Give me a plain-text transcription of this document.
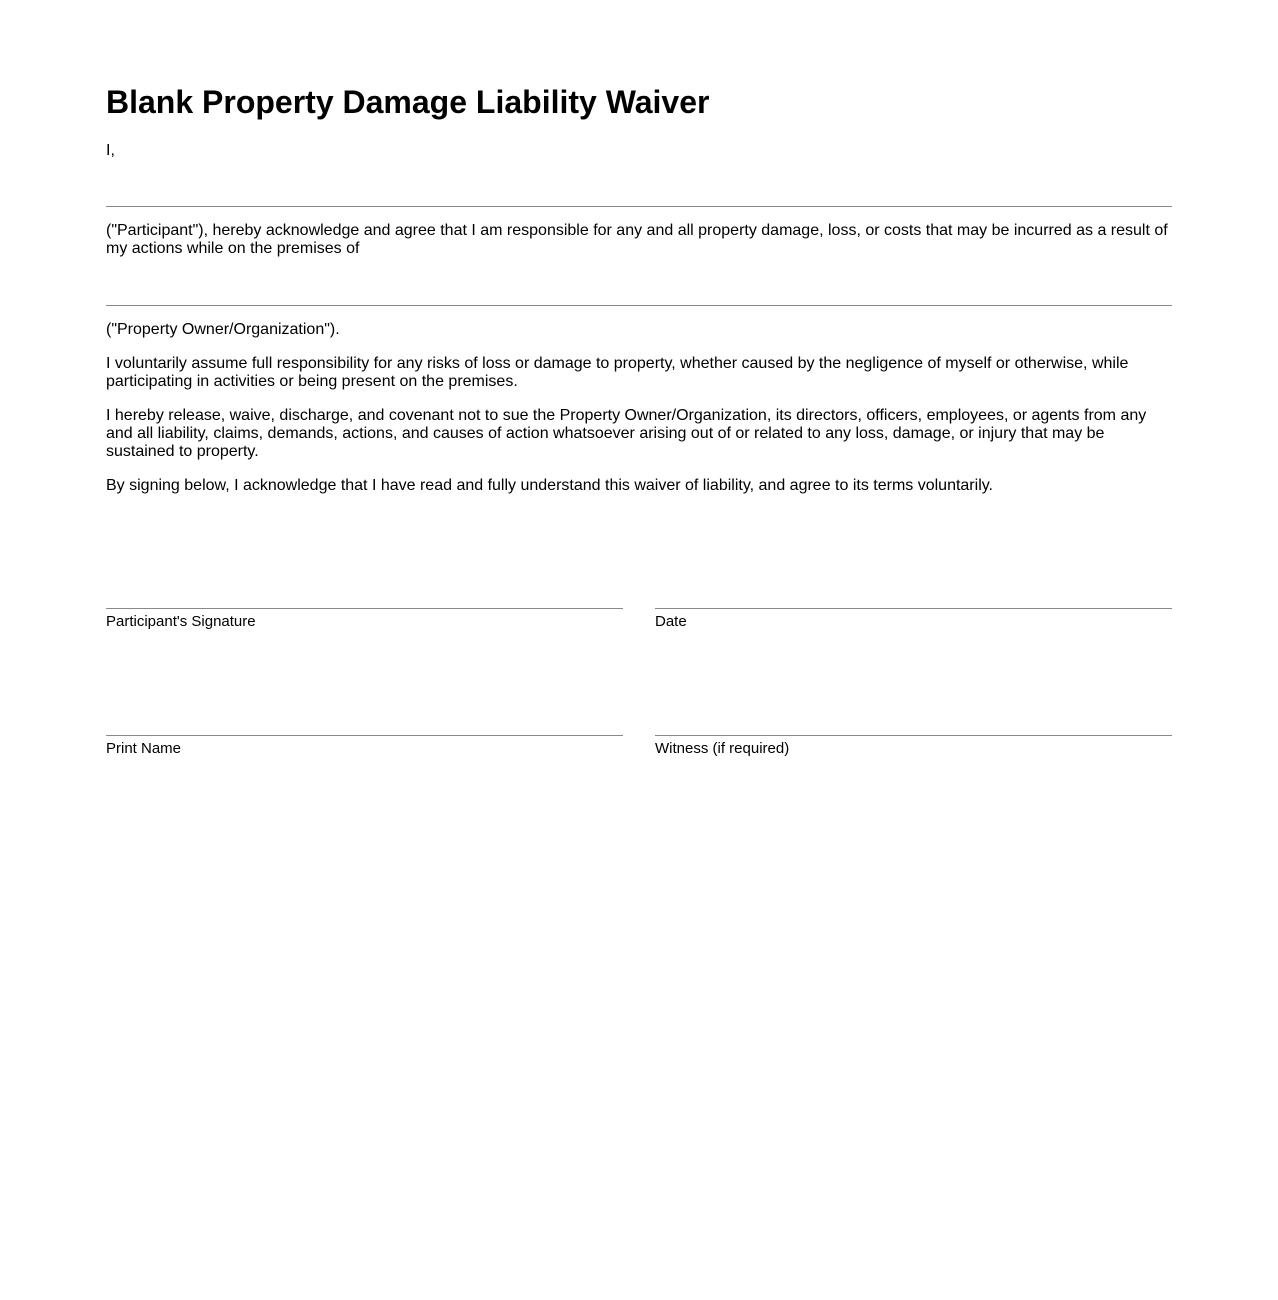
Blank Property Damage Liability Waiver

I,

("Participant"), hereby acknowledge and agree that I am responsible for any and all property damage, loss, or costs that may be incurred as a result of my actions while on the premises of

("Property Owner/Organization").

I voluntarily assume full responsibility for any risks of loss or damage to property, whether caused by the negligence of myself or otherwise, while participating in activities or being present on the premises.

I hereby release, waive, discharge, and covenant not to sue the Property Owner/Organization, its directors, officers, employees, or agents from any and all liability, claims, demands, actions, and causes of action whatsoever arising out of or related to any loss, damage, or injury that may be sustained to property.

By signing below, I acknowledge that I have read and fully understand this waiver of liability, and agree to its terms voluntarily.

Participant's Signature	Date
Print Name	Witness (if required)
